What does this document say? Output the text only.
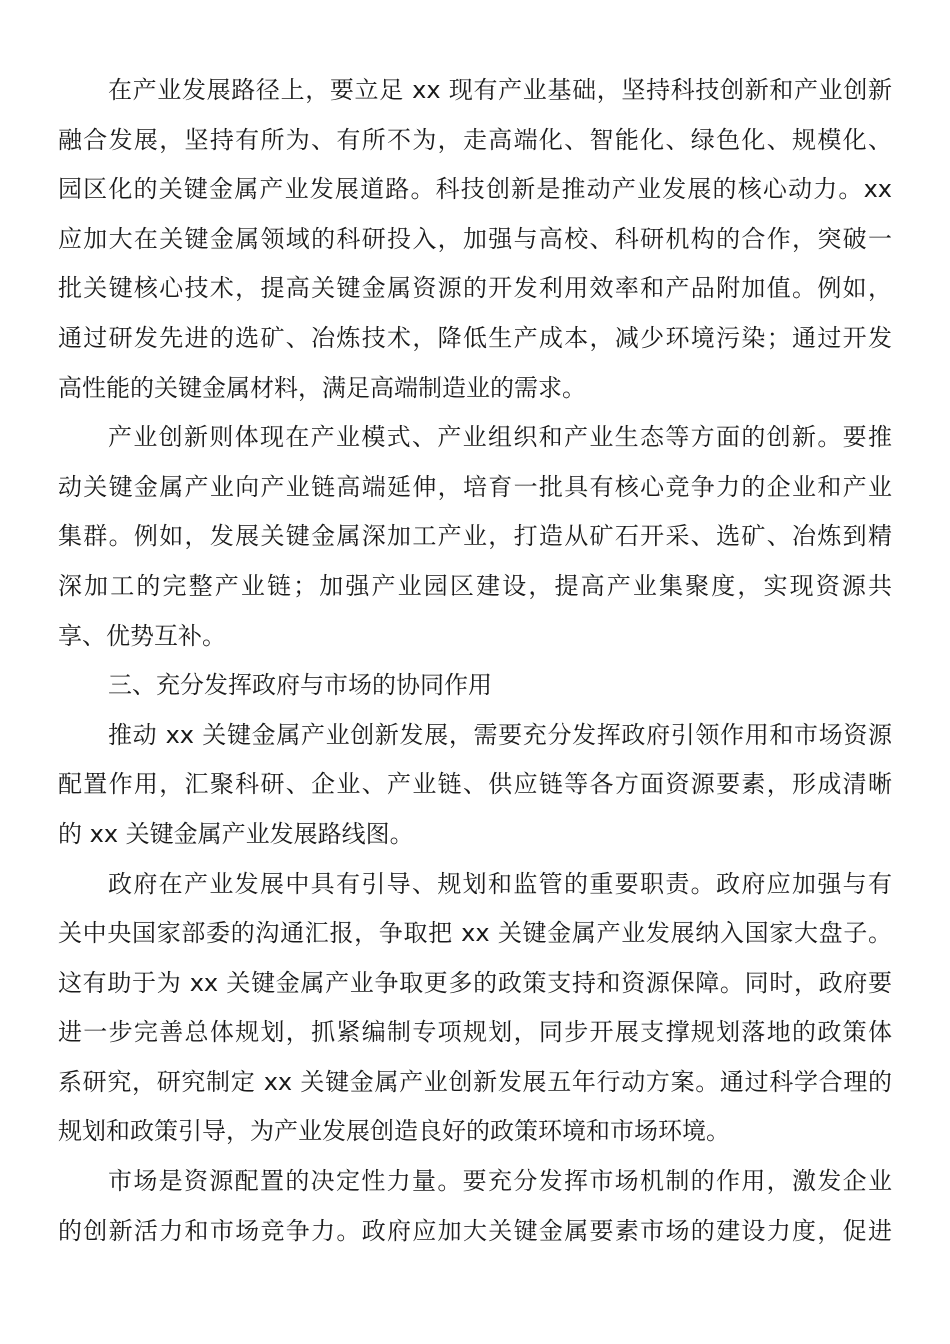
在产业发展路径上，要立足 xx 现有产业基础，坚持科技创新和产业创新
融合发展，坚持有所为、有所不为，走高端化、智能化、绿色化、规模化、
园区化的关键金属产业发展道路。科技创新是推动产业发展的核心动力。xx
应加大在关键金属领域的科研投入，加强与高校、科研机构的合作，突破一
批关键核心技术，提高关键金属资源的开发利用效率和产品附加值。例如，
通过研发先进的选矿、冶炼技术，降低生产成本，减少环境污染；通过开发
高性能的关键金属材料，满足高端制造业的需求。
产业创新则体现在产业模式、产业组织和产业生态等方面的创新。要推
动关键金属产业向产业链高端延伸，培育一批具有核心竞争力的企业和产业
集群。例如，发展关键金属深加工产业，打造从矿石开采、选矿、冶炼到精
深加工的完整产业链；加强产业园区建设，提高产业集聚度，实现资源共
享、优势互补。
三、充分发挥政府与市场的协同作用
推动 xx 关键金属产业创新发展，需要充分发挥政府引领作用和市场资源
配置作用，汇聚科研、企业、产业链、供应链等各方面资源要素，形成清晰
的 xx 关键金属产业发展路线图。
政府在产业发展中具有引导、规划和监管的重要职责。政府应加强与有
关中央国家部委的沟通汇报，争取把 xx 关键金属产业发展纳入国家大盘子。
这有助于为 xx 关键金属产业争取更多的政策支持和资源保障。同时，政府要
进一步完善总体规划，抓紧编制专项规划，同步开展支撑规划落地的政策体
系研究，研究制定 xx 关键金属产业创新发展五年行动方案。通过科学合理的
规划和政策引导，为产业发展创造良好的政策环境和市场环境。
市场是资源配置的决定性力量。要充分发挥市场机制的作用，激发企业
的创新活力和市场竞争力。政府应加大关键金属要素市场的建设力度，促进
